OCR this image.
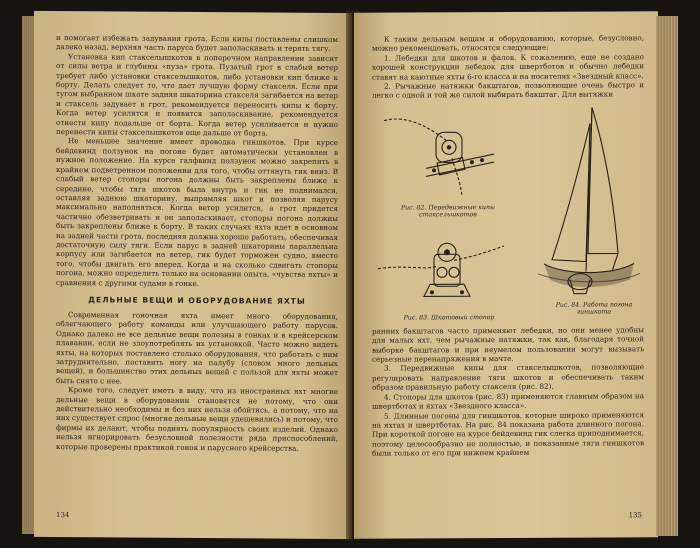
и помогает избежать задувания грота. Если кипы поставлены слишком далеко назад, верхняя часть паруса будет заполаскивать и терять тягу.

Установка кип стакселышкотов в поперечном направлении зависит от силы ветра и глубины «пуза» грота. Пузатый грот в слабый ветер требует либо установки стакселышкотов, либо установки кип ближе к борту. Делать следует то, что дает лучшую форму стакселя. Если при тугом выбранном шкоте задняя шкаторина стакселя загибается на ветер и стаксель задувает в грот, рекомендуется переносить кипы к борту. Когда ветер усилится и появится заполаскивание, рекомендуется отнести кипу подальше от борта. Когда ветер усиливается и нужно перенести кипы стакселышкотов еще дальше от борта.

Не меньшее значение имеет проводка гиншкотов. При курсе бейдевинд ползунок на погоне будет автоматически установлен в нужное положение. На курсе галфвинд ползунок можно закрепить в крайнем подветренном положении для того, чтобы оттянуть гик вниз. В слабый ветер стопоры погона должны быть закреплены ближе к середине, чтобы тяга шкотов была внутрь и гик не поднимался, оставляя заднюю шкаторину, выпрямляя шкот и позволяя парусу максимально наполняться. Когда ветер усилится, а грот придется частично обезветривать и он заполаскивает, стопоры погона должны быть закреплены ближе к борту. В таких случаях яхта идет в основном на задней части грота, последняя должна хорошо работать, обеспечивая достаточную силу тяги. Если парус в задней шкаторины параллельна корпусу или загибается на ветер, гик будет торможен судно, вместо того, чтобы двигать его вперед. Когда и на сколько сдвигать стопоры погона, можно определить только на основании опыта, «чувства яхты» и сравнения с другими судами в гонке.

ДЕЛЬНЫЕ ВЕЩИ И ОБОРУДОВАНИЕ ЯХТЫ

Современная гоночная яхта имеет много оборудования, облегчающего работу команды или улучшающего работу парусов. Однако далеко не все дельные вещи полезны в гонках и в крейсерском плавании, если не злоупотреблять их установкой. Часто можно видеть яхты, на которых поставлено столько оборудования, что работать с ним затруднительно, поставить ногу на палубу (словом много дельных вещей), и большинство этих дельных вещей с пользой для яхты может быть снято с нее.

Кроме того, следует иметь в виду, что из иностранных яхт многие дельные вещи в оборудовании становятся не потому, что они действительно необходимы и без них нельзя обойтись, а потому, что на них существует спрос (многие дельные вещи удешевились) и потому, что фирмы их делают, чтобы поднять популярность своих изделий. Однако нельзя игнорировать безусловной полезности ряда приспособлений, которые проверены практикой гонок и парусного крейсерства.

134

К таким дельным вещам и оборудованию, которые, безусловно, можно рекомендовать, относятся следующие:

1. Лебедки для шкотов и фалов. К сожалению, еще не создано хорошей конструкции лебедок для швертботов и обычно лебедки ставят на каютные яхты 6-го класса и на носителях «Звездный класс».

2. Рычажные натяжки бакштагов, позволяющие очень быстро и легко с одной и той же силой выбирать бакштаг. Для вытяжки

Рис. 82. Передвижные кипы стаксельшкотов
Рис. 83. Шкотовый стопор
Рис. 84. Работа погона гиншкота

ранних бакштагов часто применяют лебедки, но они менее удобны для малых яхт, чем рычажные натяжки, так как, благодаря точной выборке бакштагов и при неумелом пользовании могут вызывать серьезные перенапряжения в мачте.

3. Передвижные кипы для стакселышкотов, позволяющие регулировать направление тяги шкотов и обеспечивать таким образом правильную работу стакселя (рис. 82).

4. Стопоры для шкотов (рис. 83) применяются главным образом на швертботах и яхтах «Звездного класса».

5. Длинные погоны для гиншкотов, которые широко применяются на яхтах и швертботах. На рис. 84 показана работа длинного погона. При короткой погоне на курсе бейдевинд гик слегка приподнимается, поэтому целесообразно не полностью, и показанные тяги гиншкотов были только от его при нижнем крайнем

135
